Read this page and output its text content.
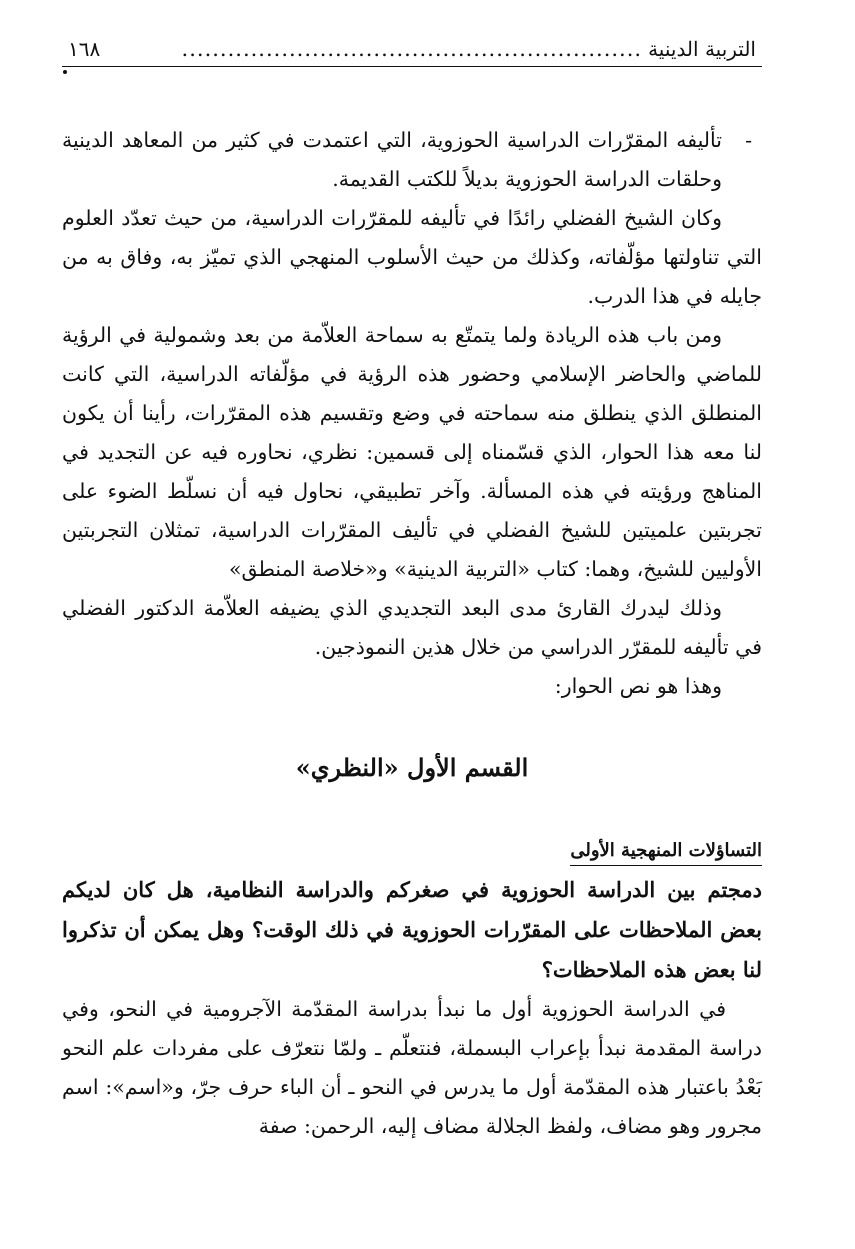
التربية الدينية
............................................................
١٦٨

-
تأليفه المقرّرات الدراسية الحوزوية، التي اعتمدت في كثير من المعاهد الدينية وحلقات الدراسة الحوزوية بديلاً للكتب القديمة.

وكان الشيخ الفضلي رائدًا في تأليفه للمقرّرات الدراسية، من حيث تعدّد العلوم التي تناولتها مؤلّفاته، وكذلك من حيث الأسلوب المنهجي الذي تميّز به، وفاق به من جايله في هذا الدرب.

ومن باب هذه الريادة ولما يتمتّع به سماحة العلاّمة من بعد وشمولية في الرؤية للماضي والحاضر الإسلامي وحضور هذه الرؤية في مؤلّفاته الدراسية، التي كانت المنطلق الذي ينطلق منه سماحته في وضع وتقسيم هذه المقرّرات، رأينا أن يكون لنا معه هذا الحوار، الذي قسّمناه إلى قسمين: نظري، نحاوره فيه عن التجديد في المناهج ورؤيته في هذه المسألة. وآخر تطبيقي، نحاول فيه أن نسلّط الضوء على تجربتين علميتين للشيخ الفضلي في تأليف المقرّرات الدراسية، تمثلان التجربتين الأوليين للشيخ، وهما: كتاب «التربية الدينية» و«خلاصة المنطق»

وذلك ليدرك القارئ مدى البعد التجديدي الذي يضيفه العلاّمة الدكتور الفضلي في تأليفه للمقرّر الدراسي من خلال هذين النموذجين.

وهذا هو نص الحوار:

القسم الأول «النظري»
التساؤلات المنهجية الأولى

دمجتم بين الدراسة الحوزوية في صغركم والدراسة النظامية، هل كان لديكم بعض الملاحظات على المقرّرات الحوزوية في ذلك الوقت؟ وهل يمكن أن تذكروا لنا بعض هذه الملاحظات؟

في الدراسة الحوزوية أول ما نبدأ بدراسة المقدّمة الآجرومية في النحو، وفي دراسة المقدمة نبدأ بإعراب البسملة، فنتعلّم ـ ولمّا نتعرّف على مفردات علم النحو بَعْدُ باعتبار هذه المقدّمة أول ما يدرس في النحو ـ أن الباء حرف جرّ، و«اسم»: اسم مجرور وهو مضاف، ولفظ الجلالة مضاف إليه، الرحمن: صفة
